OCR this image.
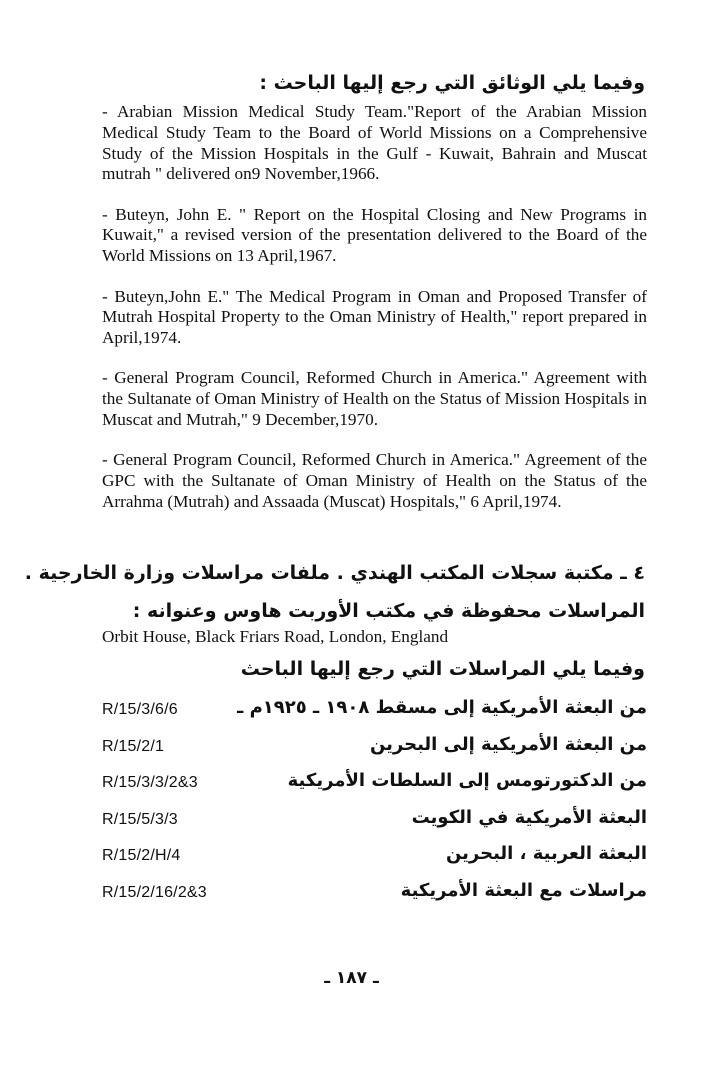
وفيما يلي الوثائق التي رجع إليها الباحث :

- Arabian Mission Medical Study Team."Report of the Arabian Mission Medical Study Team to the Board of World Missions on a Comprehensive Study of the Mission Hospitals in the Gulf - Kuwait, Bahrain and Muscat mutrah " delivered on9 November,1966.

- Buteyn, John E. " Report on the Hospital Closing and New Programs in Kuwait," a revised version of the presentation delivered to the Board of the World Missions on 13 April,1967.

- Buteyn,John E." The Medical Program in Oman and Proposed Transfer of Mutrah Hospital Property to the Oman Ministry of Health," report prepared in April,1974.

- General Program Council, Reformed Church in America." Agreement with the Sultanate of Oman Ministry of Health on the Status of Mission Hospitals in Muscat and Mutrah," 9 December,1970.

- General Program Council, Reformed Church in America." Agreement of the GPC with the Sultanate of Oman Ministry of Health on the Status of the Arrahma (Mutrah) and Assaada (Muscat) Hospitals," 6 April,1974.

٤ ـ مكتبة سجلات المكتب الهندي . ملفات مراسلات وزارة الخارجية .
المراسلات محفوظة في مكتب الأوربت هاوس وعنوانه :
Orbit House, Black Friars Road, London, England
وفيما يلي المراسلات التي رجع إليها الباحث
R/15/3/6/6	من البعثة الأمريكية إلى مسقط ١٩٠٨ ـ ١٩٢٥م ـ
R/15/2/1	من البعثة الأمريكية إلى البحرين
R/15/3/3/2&3	من الدكتورتومس إلى السلطات الأمريكية
R/15/5/3/3	البعثة الأمريكية في الكويت
R/15/2/H/4	البعثة العربية ، البحرين
R/15/2/16/2&3	مراسلات مع البعثة الأمريكية
ـ ١٨٧ ـ
